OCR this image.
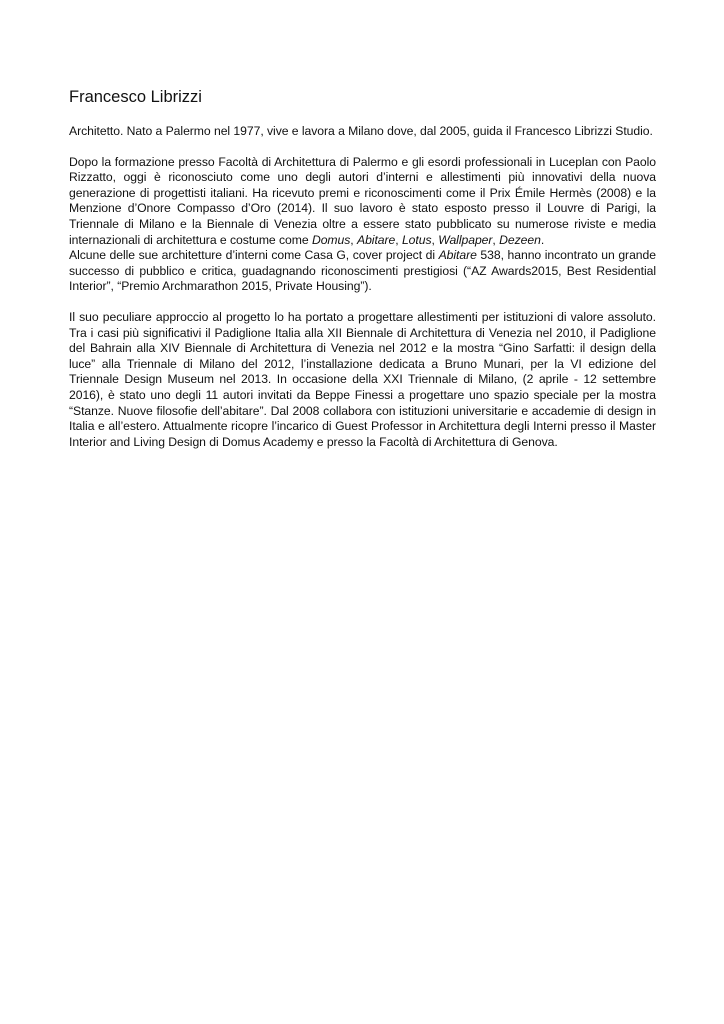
Francesco Librizzi

Architetto. Nato a Palermo nel 1977, vive e lavora a Milano dove, dal 2005, guida il Francesco Librizzi Studio.

Dopo la formazione presso Facoltà di Architettura di Palermo e gli esordi professionali in Luceplan con Paolo Rizzatto, oggi è riconosciuto come uno degli autori d’interni e allestimenti più innovativi della nuova generazione di progettisti italiani. Ha ricevuto premi e riconoscimenti come il Prix Émile Hermès (2008) e la Menzione d’Onore Compasso d’Oro (2014). Il suo lavoro è stato esposto presso il Louvre di Parigi, la Triennale di Milano e la Biennale di Venezia oltre a essere stato pubblicato su numerose riviste e media internazionali di architettura e costume come Domus, Abitare, Lotus, Wallpaper, Dezeen.
Alcune delle sue architetture d’interni come Casa G, cover project di Abitare 538, hanno incontrato un grande successo di pubblico e critica, guadagnando riconoscimenti prestigiosi (“AZ Awards2015, Best Residential Interior”, “Premio Archmarathon 2015, Private Housing”).

Il suo peculiare approccio al progetto lo ha portato a progettare allestimenti per istituzioni di valore assoluto. Tra i casi più significativi il Padiglione Italia alla XII Biennale di Architettura di Venezia nel 2010, il Padiglione del Bahrain alla XIV Biennale di Architettura di Venezia nel 2012 e la mostra “Gino Sarfatti: il design della luce” alla Triennale di Milano del 2012, l’installazione dedicata a Bruno Munari, per la VI edizione del Triennale Design Museum nel 2013. In occasione della XXI Triennale di Milano, (2 aprile - 12 settembre 2016), è stato uno degli 11 autori invitati da Beppe Finessi a progettare uno spazio speciale per la mostra “Stanze. Nuove filosofie dell’abitare”. Dal 2008 collabora con istituzioni universitarie e accademie di design in Italia e all’estero. Attualmente ricopre l’incarico di Guest Professor in Architettura degli Interni presso il Master Interior and Living Design di Domus Academy e presso la Facoltà di Architettura di Genova.
